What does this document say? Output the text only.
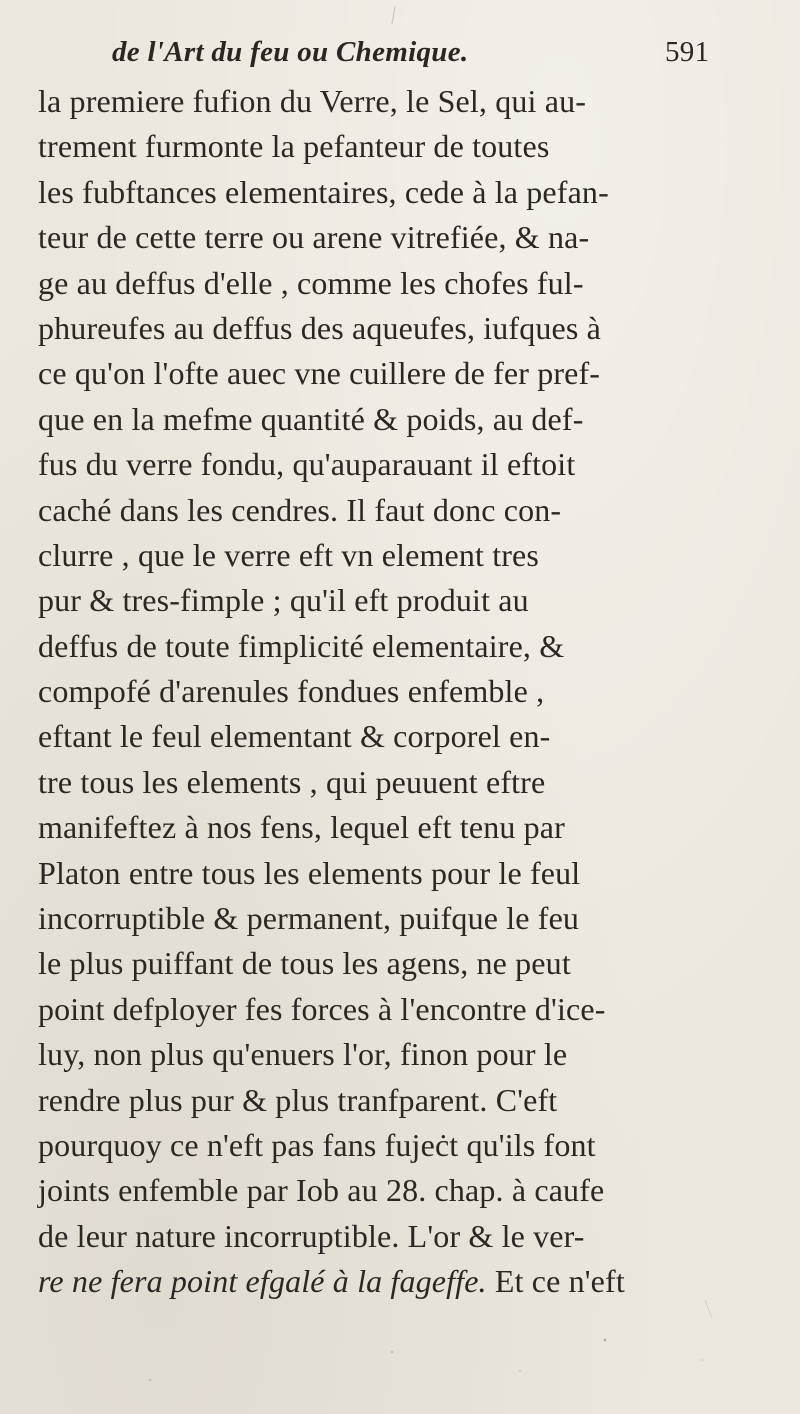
de l'Art du feu ou Chemique.	591
la premiere fufion du Verre, le Sel, qui au-
trement furmonte la pefanteur de toutes
les fubftances elementaires, cede à la pefan-
teur de cette terre ou arene vitrefiée, & na-
ge au deffus d'elle , comme les chofes ful-
phureufes au deffus des aqueufes, iufques à
ce qu'on l'ofte auec vne cuillere de fer pref-
que en la mefme quantité & poids, au def-
fus du verre fondu, qu'auparauant il eftoit
caché dans les cendres. Il faut donc con-
clurre , que le verre eft vn element tres
pur & tres-fimple ; qu'il eft produit au
deffus de toute fimplicité elementaire, &
compofé d'arenules fondues enfemble ,
eftant le feul elementant & corporel en-
tre tous les elements , qui peuuent eftre
manifeftez à nos fens, lequel eft tenu par
Platon entre tous les elements pour le feul
incorruptible & permanent, puifque le feu
le plus puiffant de tous les agens, ne peut
point defployer fes forces à l'encontre d'ice-
luy, non plus qu'enuers l'or, finon pour le
rendre plus pur & plus tranfparent. C'eft
pourquoy ce n'eft pas fans fujeċt qu'ils font
joints enfemble par Iob au 28. chap. à caufe
de leur nature incorruptible. L'or & le ver-
re ne fera point efgalé à la fageffe. Et ce n'eft
